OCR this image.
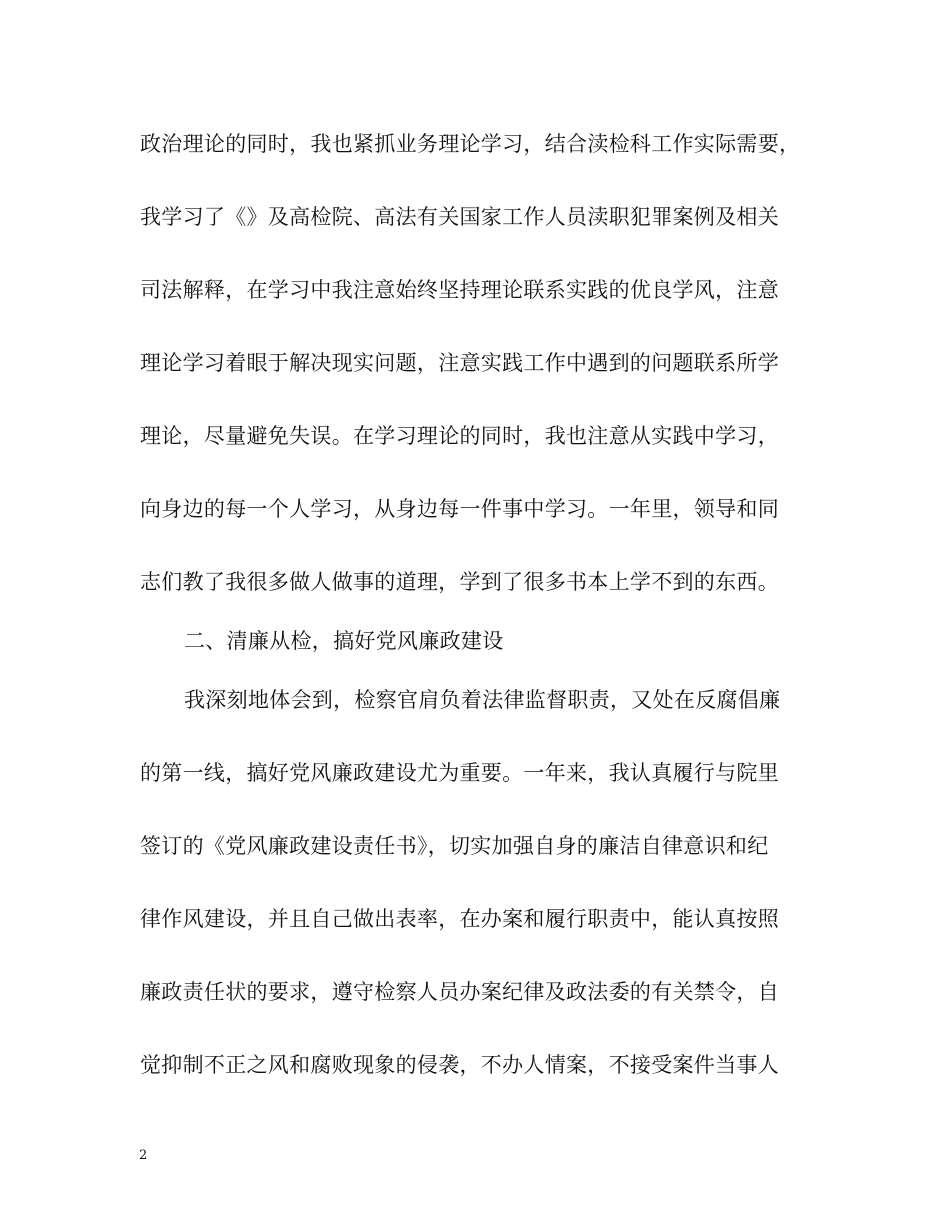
政治理论的同时，我也紧抓业务理论学习，结合渎检科工作实际需要，
我学习了《》及高检院、高法有关国家工作人员渎职犯罪案例及相关
司法解释，在学习中我注意始终坚持理论联系实践的优良学风，注意
理论学习着眼于解决现实问题，注意实践工作中遇到的问题联系所学
理论，尽量避免失误。在学习理论的同时，我也注意从实践中学习，
向身边的每一个人学习，从身边每一件事中学习。一年里，领导和同
志们教了我很多做人做事的道理，学到了很多书本上学不到的东西。
二、清廉从检，搞好党风廉政建设
我深刻地体会到，检察官肩负着法律监督职责，又处在反腐倡廉
的第一线，搞好党风廉政建设尤为重要。一年来，我认真履行与院里
签订的《党风廉政建设责任书》，切实加强自身的廉洁自律意识和纪
律作风建设，并且自己做出表率，在办案和履行职责中，能认真按照
廉政责任状的要求，遵守检察人员办案纪律及政法委的有关禁令，自
觉抑制不正之风和腐败现象的侵袭，不办人情案，不接受案件当事人
2
